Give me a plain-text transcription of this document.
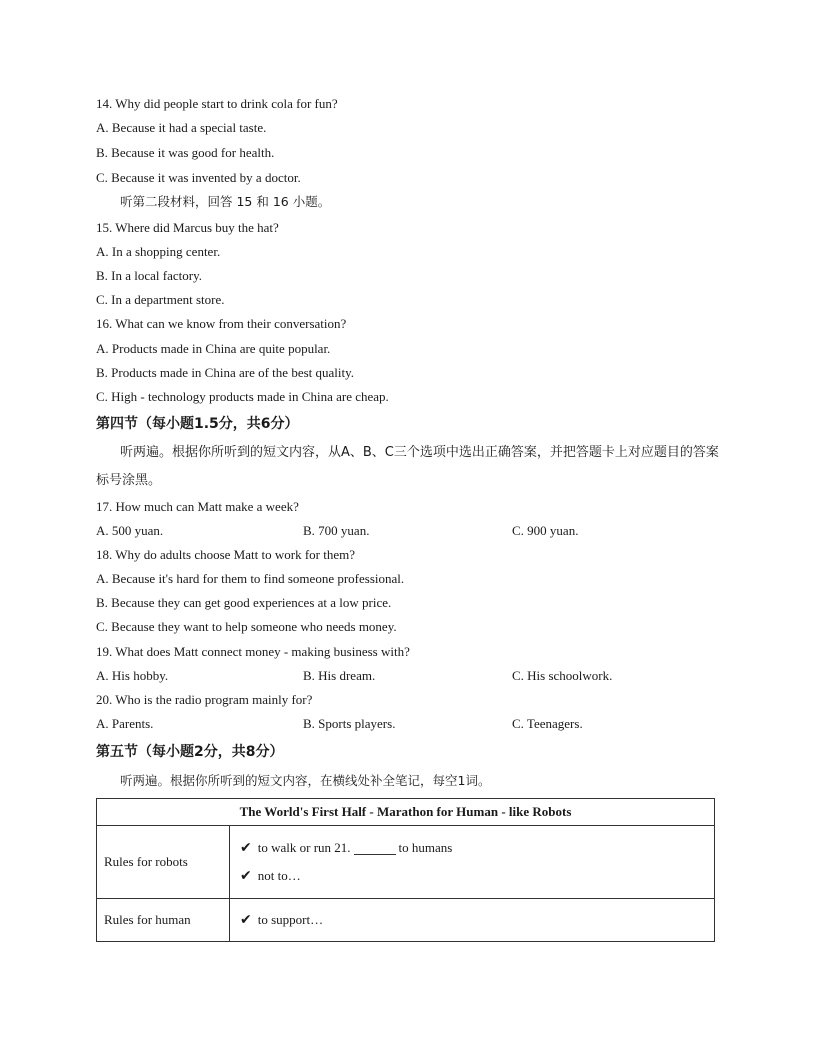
14. Why did people start to drink cola for fun?
A. Because it had a special taste.
B. Because it was good for health.
C. Because it was invented by a doctor.
听第二段材料，回答 15 和 16 小题。
15. Where did Marcus buy the hat?
A. In a shopping center.
B. In a local factory.
C. In a department store.
16. What can we know from their conversation?
A. Products made in China are quite popular.
B. Products made in China are of the best quality.
C. High - technology products made in China are cheap.
第四节（每小题1.5分，共6分）
听两遍。根据你所听到的短文内容，从A、B、C三个选项中选出正确答案，并把答题卡上对应题目的答案标号涂黑。
17. How much can Matt make a week?
A. 500 yuan.	B. 700 yuan.	C. 900 yuan.
18. Why do adults choose Matt to work for them?
A. Because it's hard for them to find someone professional.
B. Because they can get good experiences at a low price.
C. Because they want to help someone who needs money.
19. What does Matt connect money - making business with?
A. His hobby.	B. His dream.	C. His schoolwork.
20. Who is the radio program mainly for?
A. Parents.	B. Sports players.	C. Teenagers.
第五节（每小题2分，共8分）
听两遍。根据你所听到的短文内容，在横线处补全笔记，每空1词。
The World's First Half - Marathon for Human - like Robots	
Rules for robots	✔ to walk or run 21. to humans
✔ not to…

Rules for human	✔ to support…
